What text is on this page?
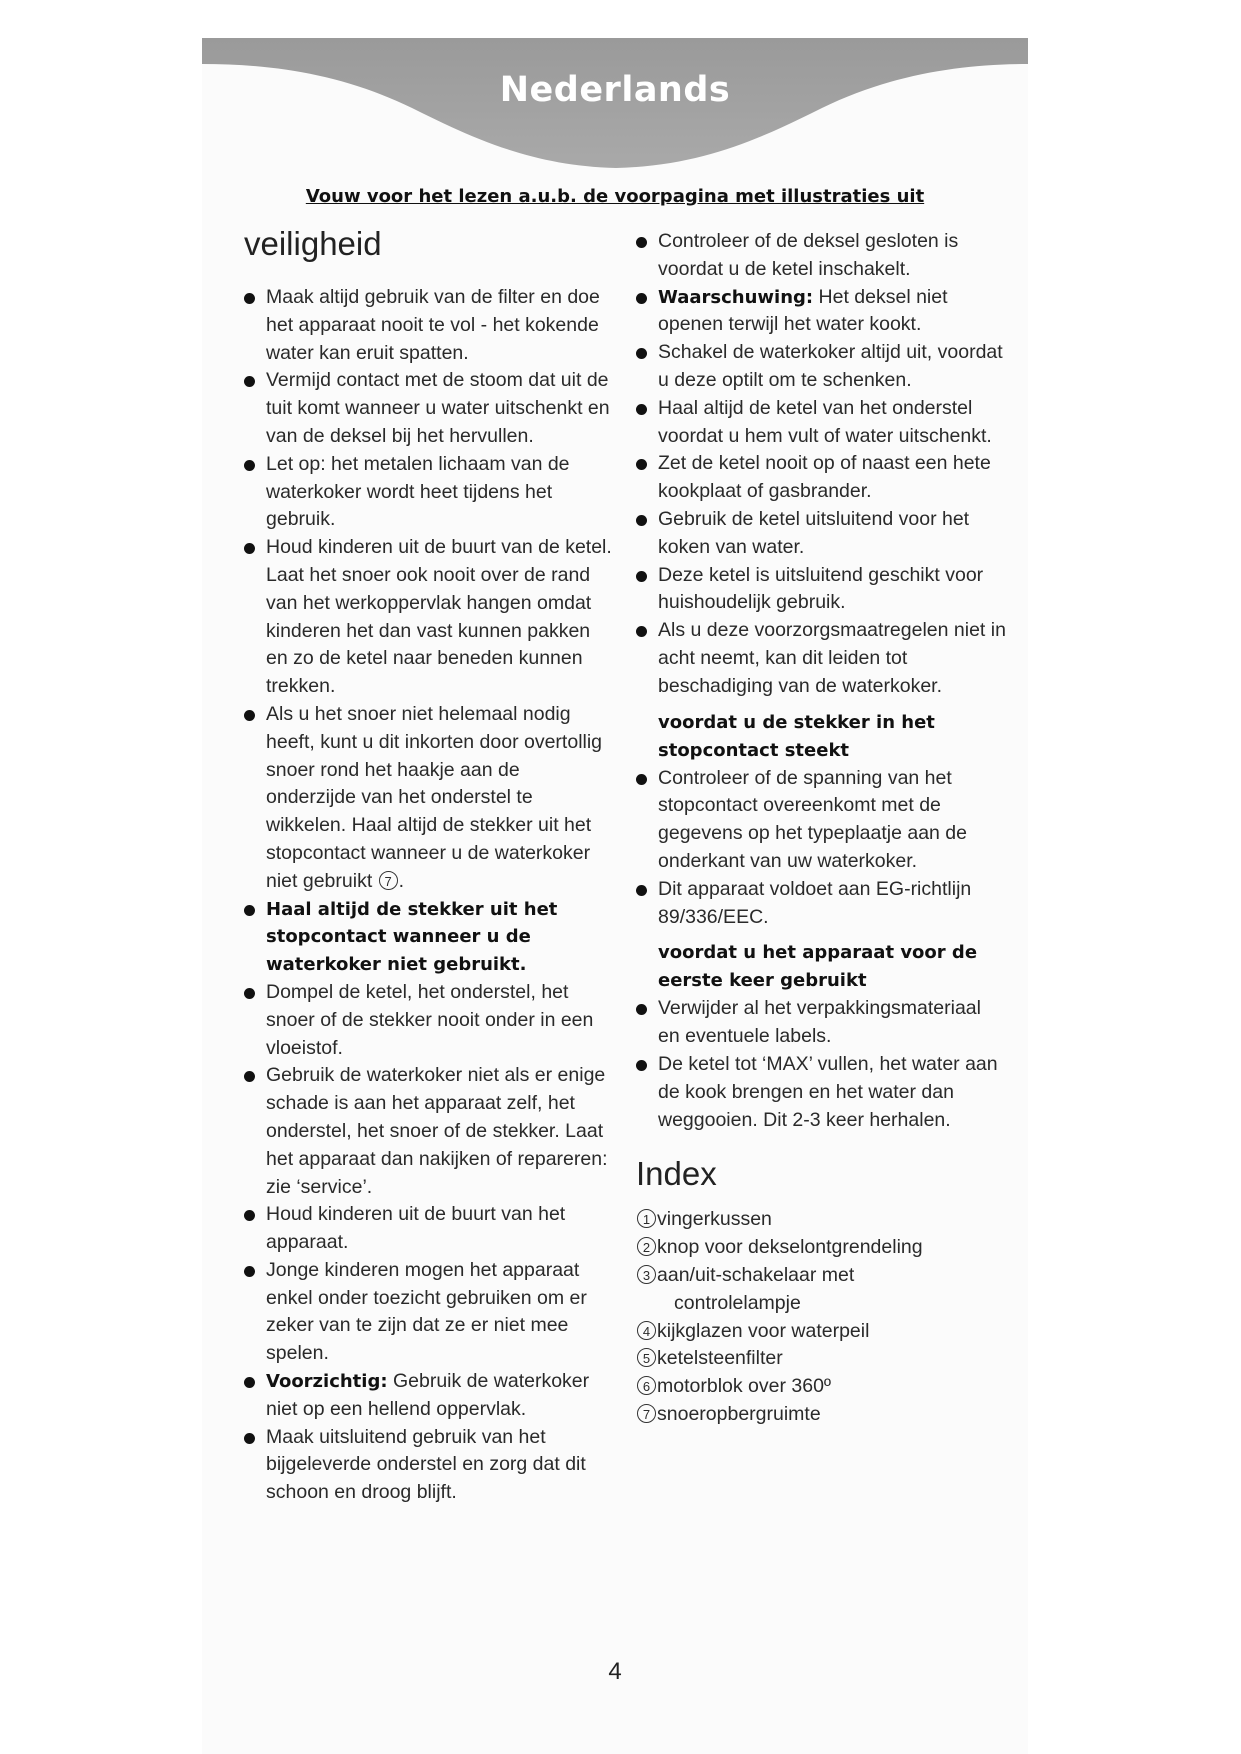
Nederlands
Vouw voor het lezen a.u.b. de voorpagina met illustraties uit
veiligheid
Maak altijd gebruik van de filter en doe het apparaat nooit te vol - het kokende water kan eruit spatten.
Vermijd contact met de stoom dat uit de tuit komt wanneer u water uitschenkt en van de deksel bij het hervullen.
Let op: het metalen lichaam van de waterkoker wordt heet tijdens het gebruik.
Houd kinderen uit de buurt van de ketel. Laat het snoer ook nooit over de rand van het werkoppervlak hangen omdat kinderen het dan vast kunnen pakken en zo de ketel naar beneden kunnen trekken.
Als u het snoer niet helemaal nodig heeft, kunt u dit inkorten door overtollig snoer rond het haakje aan de onderzijde van het onderstel te wikkelen. Haal altijd de stekker uit het stopcontact wanneer u de waterkoker niet gebruikt 7 .
Haal altijd de stekker uit het stopcontact wanneer u de waterkoker niet gebruikt.
Dompel de ketel, het onderstel, het snoer of de stekker nooit onder in een vloeistof.
Gebruik de waterkoker niet als er enige schade is aan het apparaat zelf, het onderstel, het snoer of de stekker. Laat het apparaat dan nakijken of repareren: zie ‘service’.
Houd kinderen uit de buurt van het apparaat.
Jonge kinderen mogen het apparaat enkel onder toezicht gebruiken om er zeker van te zijn dat ze er niet mee spelen.
Voorzichtig: Gebruik de waterkoker niet op een hellend oppervlak.
Maak uitsluitend gebruik van het bijgeleverde onderstel en zorg dat dit schoon en droog blijft.
Controleer of de deksel gesloten is voordat u de ketel inschakelt.
Waarschuwing: Het deksel niet openen terwijl het water kookt.
Schakel de waterkoker altijd uit, voordat u deze optilt om te schenken.
Haal altijd de ketel van het onderstel voordat u hem vult of water uitschenkt.
Zet de ketel nooit op of naast een hete kookplaat of gasbrander.
Gebruik de ketel uitsluitend voor het koken van water.
Deze ketel is uitsluitend geschikt voor huishoudelijk gebruik.
Als u deze voorzorgsmaatregelen niet in acht neemt, kan dit leiden tot beschadiging van de waterkoker.
voordat u de stekker in het stopcontact steekt
Controleer of de spanning van het stopcontact overeenkomt met de gegevens op het typeplaatje aan de onderkant van uw waterkoker.
Dit apparaat voldoet aan EG-richtlijn 89/336/EEC.
voordat u het apparaat voor de eerste keer gebruikt
Verwijder al het verpakkingsmateriaal en eventuele labels.
De ketel tot ‘MAX’ vullen, het water aan de kook brengen en het water dan weggooien. Dit 2-3 keer herhalen.
Index
1 vingerkussen
2 knop voor dekselontgrendeling
3 aan/uit-schakelaar met
controlelampje
4 kijkglazen voor waterpeil
5 ketelsteenfilter
6 motorblok over 360º
7 snoeropbergruimte
4
